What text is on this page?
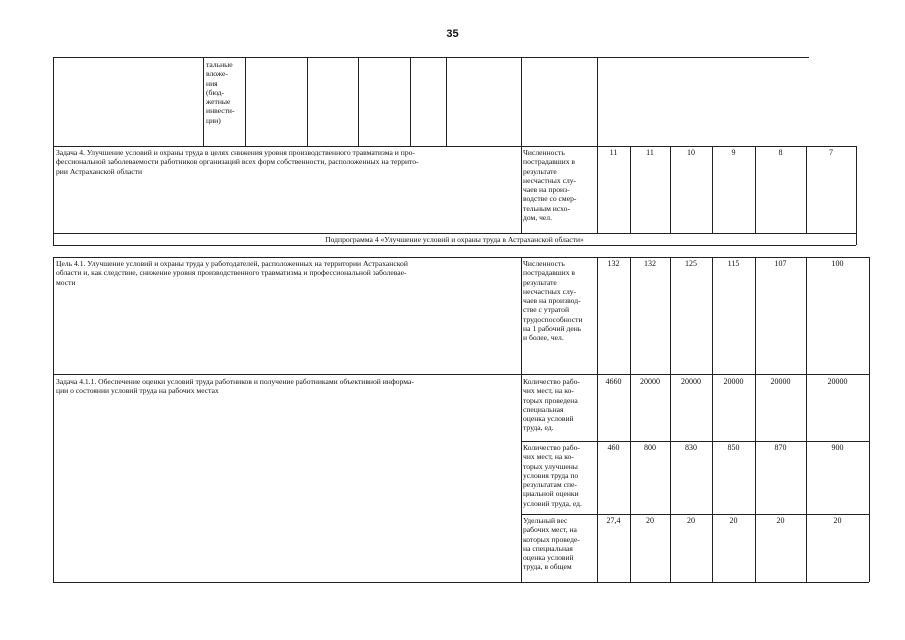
35
тальные
вложе-
ния
(бюд-
жетные
инвести-
ции)
Задача 4. Улучшение условий и охраны труда в целях снижения уровня производственного травматизма и про-
фессиональной заболеваемости работников организаций всех форм собственности, расположенных на террито-
рии Астраханской области
Численность
пострадавших в
результате
несчастных слу-
чаев на произ-
водстве со смер-
тельным исхо-
дом, чел.
11	11	10	9	8	7
Подпрограмма 4 «Улучшение условий и охраны труда в Астраханской области»
Цель 4.1. Улучшение условий и охраны труда у работодателей, расположенных на территории Астраханской
области и, как следствие, снижение уровня производственного травматизма и профессиональной заболевае-
мости
Численность
пострадавших в
результате
несчастных слу-
чаев на производ-
стве с утратой
трудоспособности
на 1 рабочий день
и более, чел.
132	132	125	115	107	100
Задача 4.1.1. Обеспечение оценки условий труда работников и получение работниками объективной информа-
ции о состоянии условий труда на рабочих местах
Количество рабо-
чих мест, на ко-
торых проведена
специальная
оценка условий
труда, ед.
4660	20000	20000	20000	20000	20000
Количество рабо-
чих мест, на ко-
торых улучшены
условия труда по
результатам спе-
циальной оценки
условий труда, ед.
460	800	830	850	870	900
Удельный вес
рабочих мест, на
которых проведе-
на специальная
оценка условий
труда, в общем
27,4	20	20	20	20	20
